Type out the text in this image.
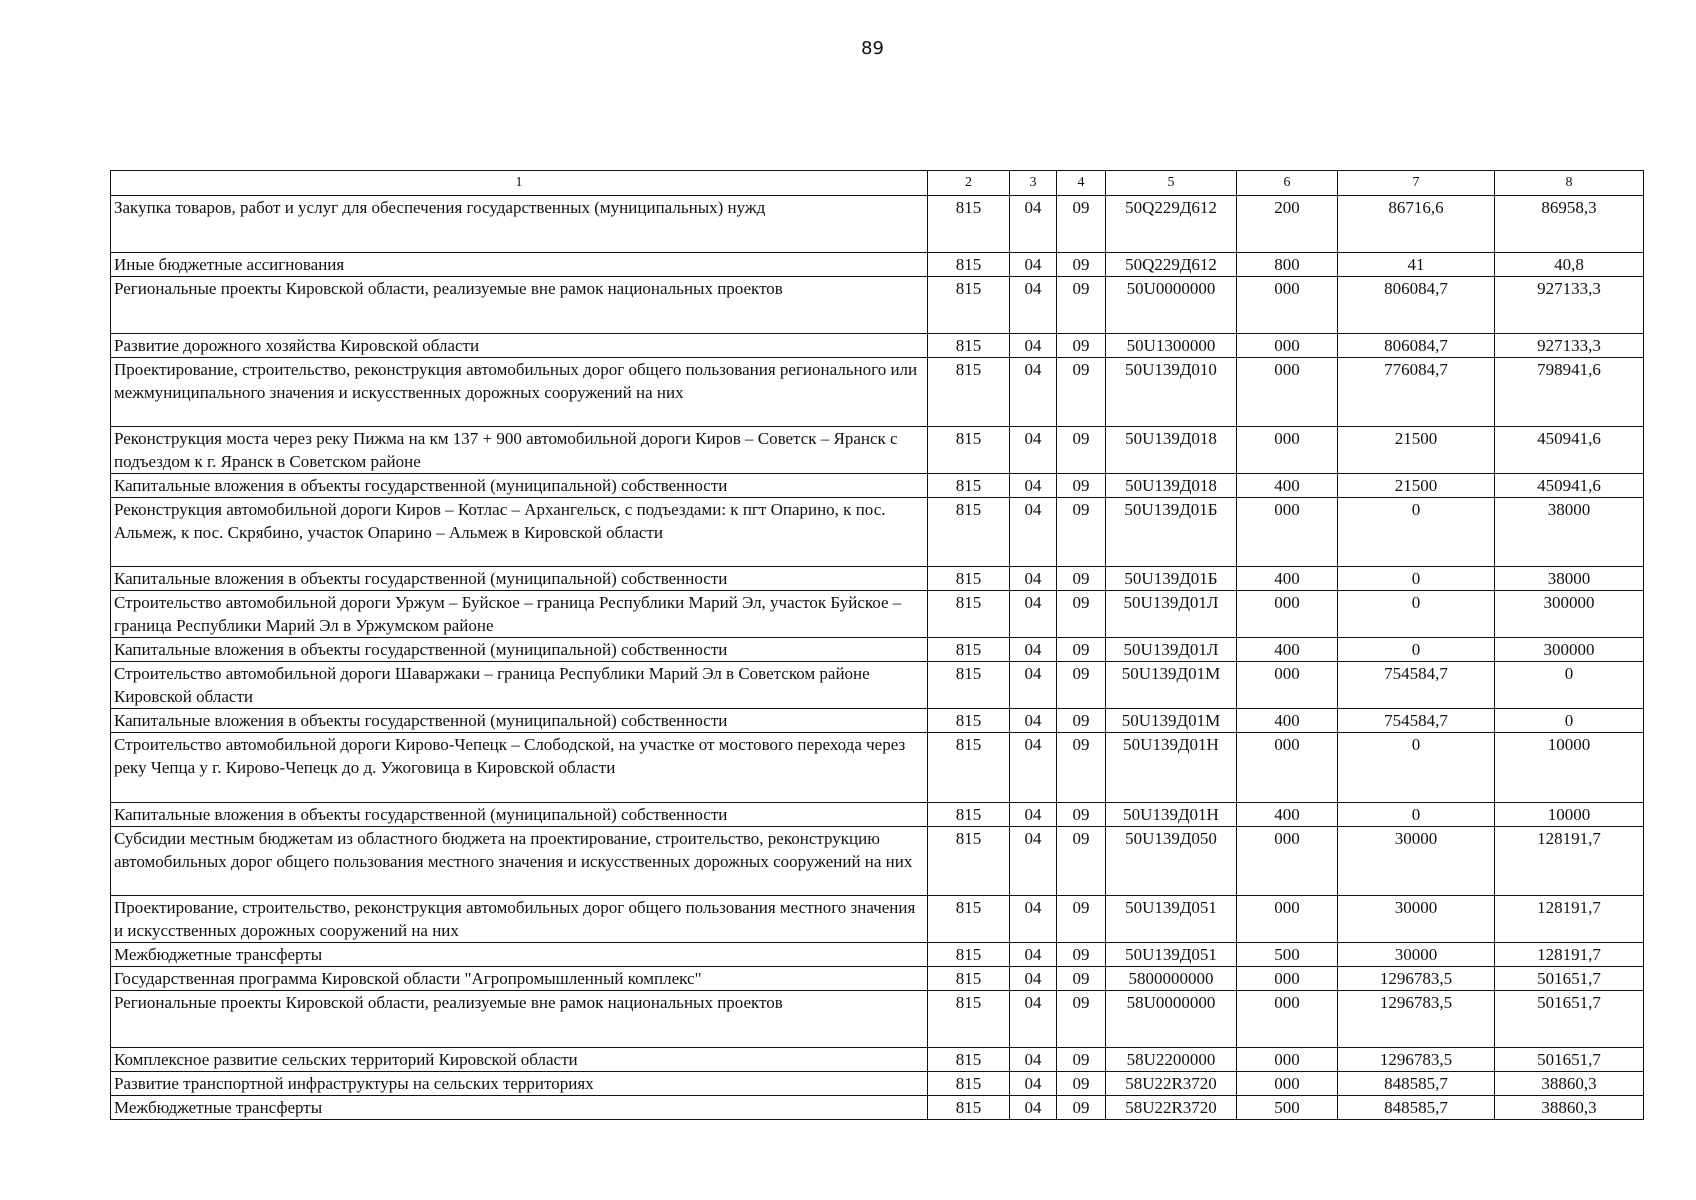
89
1	2	3	4	5	6	7	8
Закупка товаров, работ и услуг для обеспечения государственных (муниципальных) нужд	815	04	09	50Q229Д612	200	86716,6	86958,3
Иные бюджетные ассигнования	815	04	09	50Q229Д612	800	41	40,8
Региональные проекты Кировской области, реализуемые вне рамок национальных проектов	815	04	09	50U0000000	000	806084,7	927133,3
Развитие дорожного хозяйства Кировской области	815	04	09	50U1300000	000	806084,7	927133,3
Проектирование, строительство, реконструкция автомобильных дорог общего пользования регионального или межмуниципального значения и искусственных дорожных сооружений на них	815	04	09	50U139Д010	000	776084,7	798941,6
Реконструкция моста через реку Пижма на км 137 + 900 автомобильной дороги Киров – Советск – Яранск с подъездом к г. Яранск в Советском районе	815	04	09	50U139Д018	000	21500	450941,6
Капитальные вложения в объекты государственной (муниципальной) собственности	815	04	09	50U139Д018	400	21500	450941,6
Реконструкция автомобильной дороги Киров – Котлас – Архангельск, с подъездами: к пгт Опарино, к пос. Альмеж, к пос. Скрябино, участок Опарино – Альмеж в Кировской области	815	04	09	50U139Д01Б	000	0	38000
Капитальные вложения в объекты государственной (муниципальной) собственности	815	04	09	50U139Д01Б	400	0	38000
Строительство автомобильной дороги Уржум – Буйское – граница Республики Марий Эл, участок Буйское – граница Республики Марий Эл в Уржумском районе	815	04	09	50U139Д01Л	000	0	300000
Капитальные вложения в объекты государственной (муниципальной) собственности	815	04	09	50U139Д01Л	400	0	300000
Строительство автомобильной дороги Шаваржаки – граница Республики Марий Эл в Советском районе Кировской области	815	04	09	50U139Д01М	000	754584,7	0
Капитальные вложения в объекты государственной (муниципальной) собственности	815	04	09	50U139Д01М	400	754584,7	0
Строительство автомобильной дороги Кирово-Чепецк – Слободской, на участке от мостового перехода через реку Чепца у г. Кирово-Чепецк до д. Ужоговица в Кировской области	815	04	09	50U139Д01Н	000	0	10000
Капитальные вложения в объекты государственной (муниципальной) собственности	815	04	09	50U139Д01Н	400	0	10000
Субсидии местным бюджетам из областного бюджета на проектирование, строительство, реконструкцию автомобильных дорог общего пользования местного значения и искусственных дорожных сооружений на них	815	04	09	50U139Д050	000	30000	128191,7
Проектирование, строительство, реконструкция автомобильных дорог общего пользования местного значения и искусственных дорожных сооружений на них	815	04	09	50U139Д051	000	30000	128191,7
Межбюджетные трансферты	815	04	09	50U139Д051	500	30000	128191,7
Государственная программа Кировской области "Агропромышленный комплекс"	815	04	09	5800000000	000	1296783,5	501651,7
Региональные проекты Кировской области, реализуемые вне рамок национальных проектов	815	04	09	58U0000000	000	1296783,5	501651,7
Комплексное развитие сельских территорий Кировской области	815	04	09	58U2200000	000	1296783,5	501651,7
Развитие транспортной инфраструктуры на сельских территориях	815	04	09	58U22R3720	000	848585,7	38860,3
Межбюджетные трансферты	815	04	09	58U22R3720	500	848585,7	38860,3
